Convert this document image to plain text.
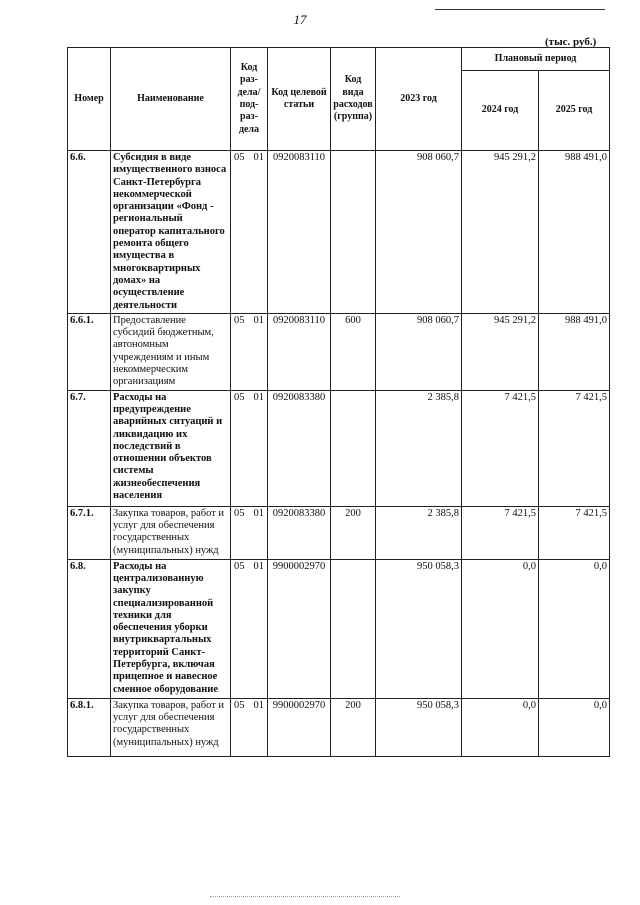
17
(тыс. руб.)
Номер	Наименование	Код раз-дела/ под-раз-дела	Код целевой статьи	Код вида расходов (группа)	2023 год	Плановый период	
						2024 год	2025 год
6.6.	Субсидия в виде имущественного взноса Санкт-Петербурга некоммерческой организации «Фонд - региональный оператор капитального ремонта общего имущества в многоквартирных домах» на осуществление деятельности	05 01	0920083110		908 060,7	945 291,2	988 491,0
6.6.1.	Предоставление субсидий бюджетным, автономным учреждениям и иным некоммерческим организациям	05 01	0920083110	600	908 060,7	945 291,2	988 491,0
6.7.	Расходы на предупреждение аварийных ситуаций и ликвидацию их последствий в отношении объектов системы жизнеобеспечения населения	05 01	0920083380		2 385,8	7 421,5	7 421,5
6.7.1.	Закупка товаров, работ и услуг для обеспечения государственных (муниципальных) нужд	05 01	0920083380	200	2 385,8	7 421,5	7 421,5
6.8.	Расходы на централизованную закупку специализированной техники для обеспечения уборки внутриквартальных территорий Санкт-Петербурга, включая прицепное и навесное сменное оборудование	05 01	9900002970		950 058,3	0,0	0,0
6.8.1.	Закупка товаров, работ и услуг для обеспечения государственных (муниципальных) нужд	05 01	9900002970	200	950 058,3	0,0	0,0
